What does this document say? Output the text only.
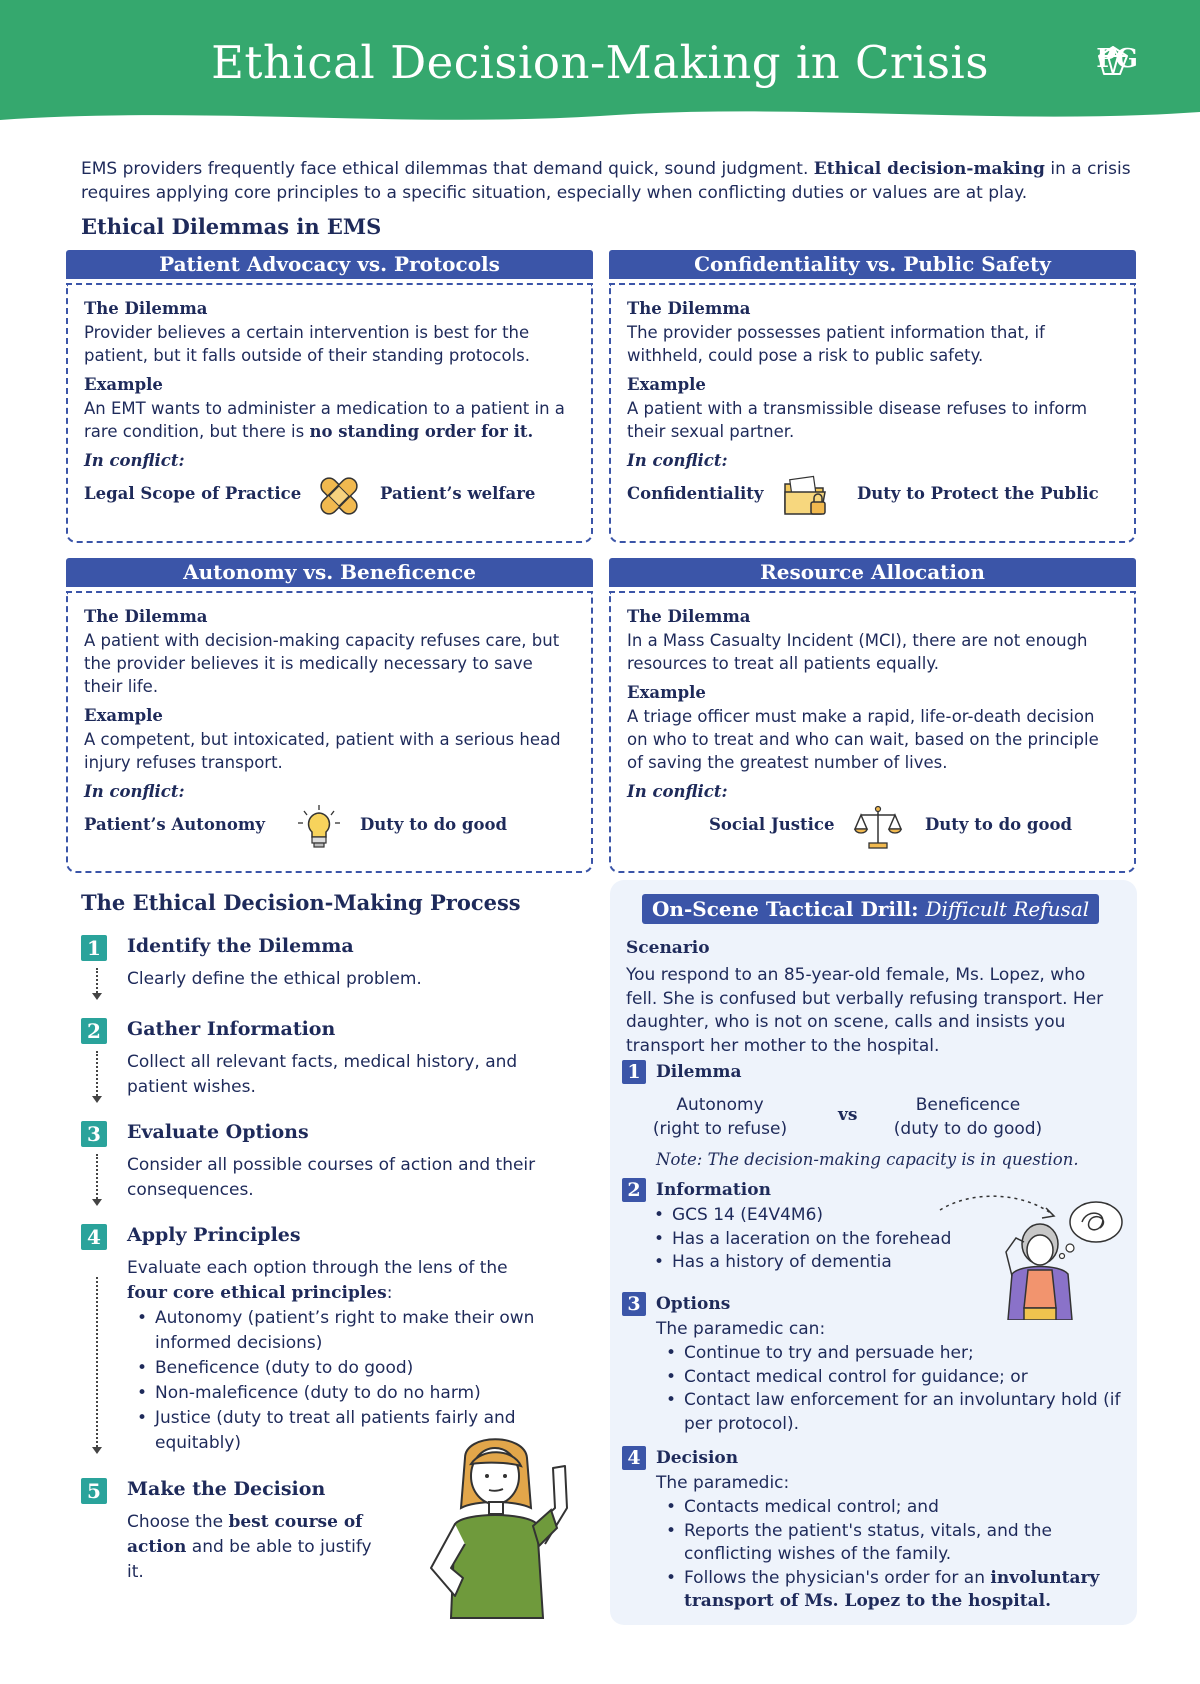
Ethical Decision-Making in Crisis	PG
EMS providers frequently face ethical dilemmas that demand quick, sound judgment. Ethical decision-making in a crisis requires applying core principles to a specific situation, especially when conflicting duties or values are at play.
Ethical Dilemmas in EMS
Patient Advocacy vs. Protocols
The Dilemma
Provider believes a certain intervention is best for the patient, but it falls outside of their standing protocols.
Example
An EMT wants to administer a medication to a patient in a rare condition, but there is no standing order for it.
In conflict:
Legal Scope of Practice	Patient’s welfare
Confidentiality vs. Public Safety
The Dilemma
The provider possesses patient information that, if withheld, could pose a risk to public safety.
Example
A patient with a transmissible disease refuses to inform their sexual partner.
In conflict:
Confidentiality	Duty to Protect the Public
Autonomy vs. Beneficence
The Dilemma
A patient with decision-making capacity refuses care, but the provider believes it is medically necessary to save their life.
Example
A competent, but intoxicated, patient with a serious head injury refuses transport.
In conflict:
Patient’s Autonomy	Duty to do good
Resource Allocation
The Dilemma
In a Mass Casualty Incident (MCI), there are not enough resources to treat all patients equally.
Example
A triage officer must make a rapid, life-or-death decision on who to treat and who can wait, based on the principle of saving the greatest number of lives.
In conflict:
Social Justice	Duty to do good
The Ethical Decision-Making Process
1	Identify the Dilemma
Clearly define the ethical problem.
2	Gather Information
Collect all relevant facts, medical history, and patient wishes.
3	Evaluate Options
Consider all possible courses of action and their consequences.
4	Apply Principles
Evaluate each option through the lens of the four core ethical principles:
• Autonomy (patient’s right to make their own informed decisions)
• Beneficence (duty to do good)
• Non-maleficence (duty to do no harm)
• Justice (duty to treat all patients fairly and equitably)
5	Make the Decision
Choose the best course of action and be able to justify it.
On-Scene Tactical Drill: Difficult Refusal
Scenario
You respond to an 85-year-old female, Ms. Lopez, who fell. She is confused but verbally refusing transport. Her daughter, who is not on scene, calls and insists you transport her mother to the hospital.
1 Dilemma
Autonomy
(right to refuse)
vs	Beneficence
(duty to do good)
Note: The decision-making capacity is in question.
2 Information
• GCS 14 (E4V4M6)
• Has a laceration on the forehead
• Has a history of dementia
3 Options
The paramedic can:
• Continue to try and persuade her;
• Contact medical control for guidance; or
• Contact law enforcement for an involuntary hold (if per protocol).
4 Decision
The paramedic:
• Contacts medical control; and
• Reports the patient's status, vitals, and the conflicting wishes of the family.
• Follows the physician's order for an involuntary transport of Ms. Lopez to the hospital.
